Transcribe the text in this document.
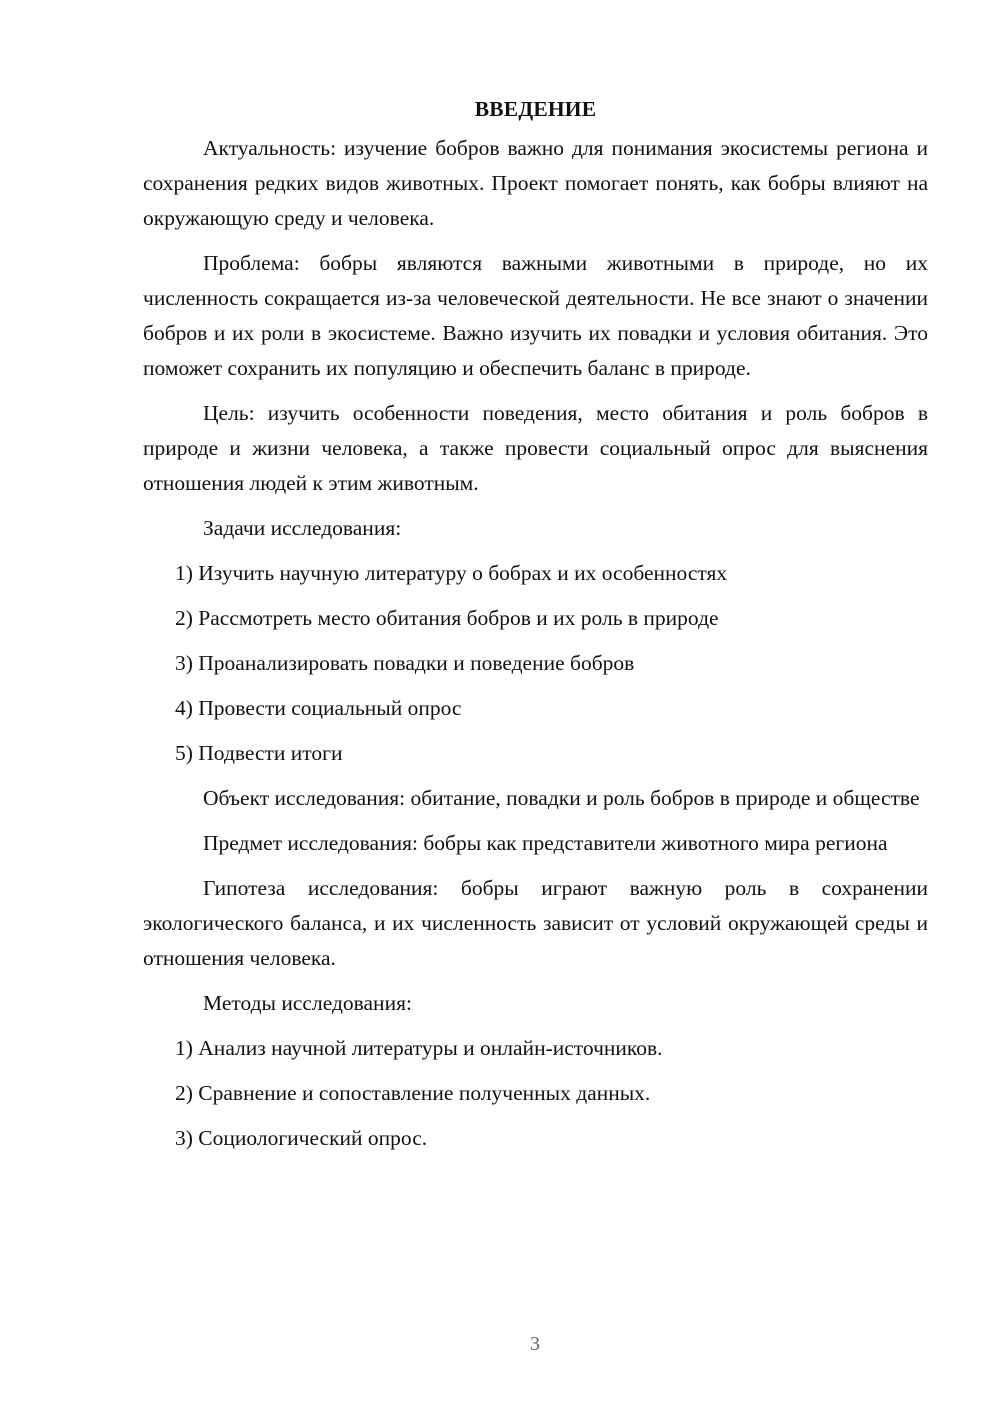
ВВЕДЕНИЕ

Актуальность: изучение бобров важно для понимания экосистемы региона и сохранения редких видов животных. Проект помогает понять, как бобры влияют на окружающую среду и человека.

Проблема: бобры являются важными животными в природе, но их численность сокращается из-за человеческой деятельности. Не все знают о значении бобров и их роли в экосистеме. Важно изучить их повадки и условия обитания. Это поможет сохранить их популяцию и обеспечить баланс в природе.

Цель: изучить особенности поведения, место обитания и роль бобров в природе и жизни человека, а также провести социальный опрос для выяснения отношения людей к этим животным.

Задачи исследования:

1) Изучить научную литературу о бобрах и их особенностях
2) Рассмотреть место обитания бобров и их роль в природе
3) Проанализировать повадки и поведение бобров
4) Провести социальный опрос
5) Подвести итоги

Объект исследования: обитание, повадки и роль бобров в природе и обществе

Предмет исследования: бобры как представители животного мира региона

Гипотеза исследования: бобры играют важную роль в сохранении экологического баланса, и их численность зависит от условий окружающей среды и отношения человека.

Методы исследования:

1) Анализ научной литературы и онлайн-источников.
2) Сравнение и сопоставление полученных данных.
3) Социологический опрос.
3
